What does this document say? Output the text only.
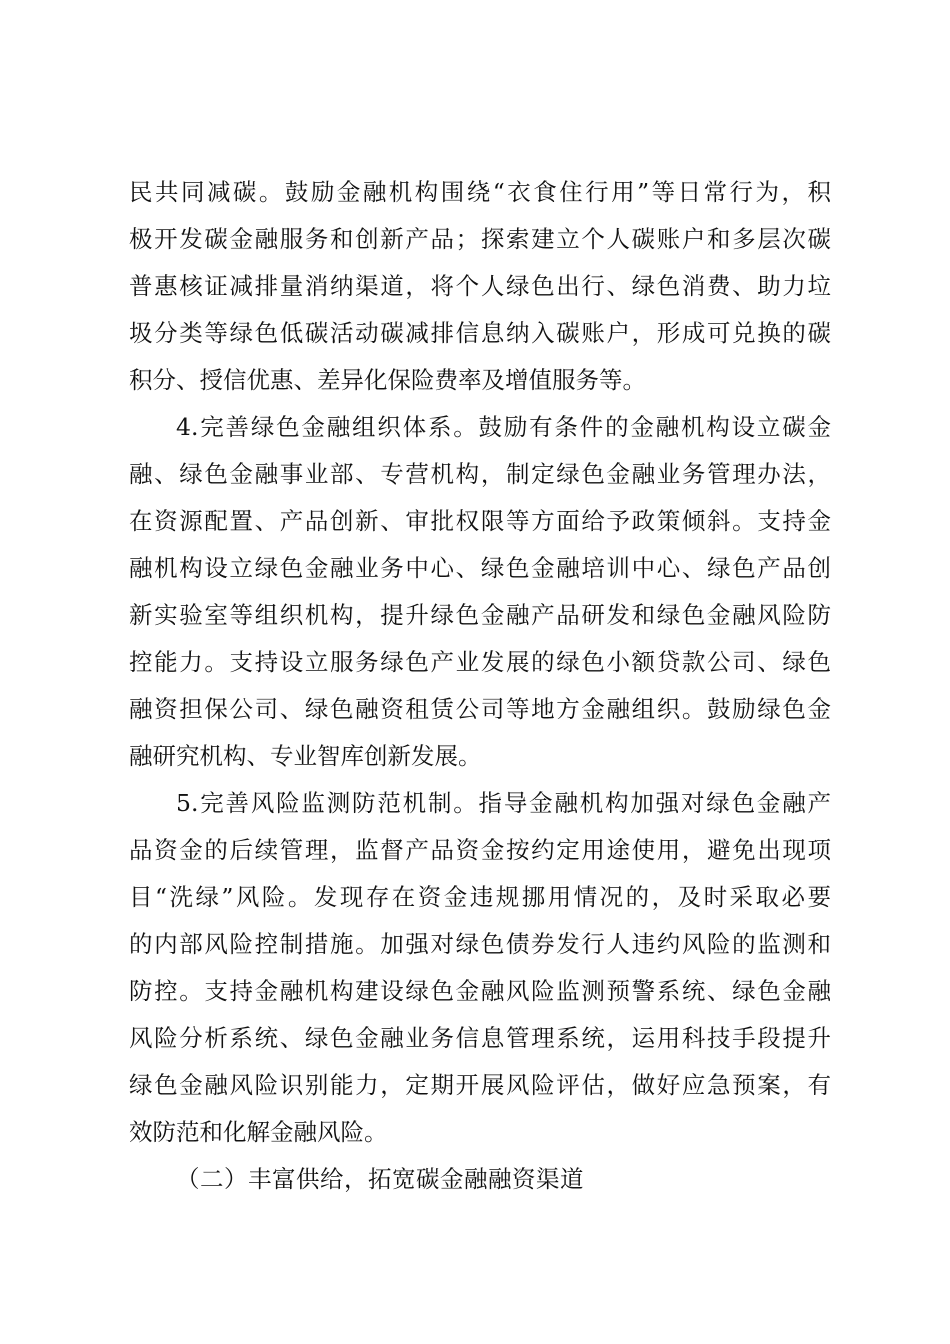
民共同减碳。鼓励金融机构围绕“衣食住行用”等日常行为，积
极开发碳金融服务和创新产品；探索建立个人碳账户和多层次碳
普惠核证减排量消纳渠道，将个人绿色出行、绿色消费、助力垃
圾分类等绿色低碳活动碳减排信息纳入碳账户，形成可兑换的碳
积分、授信优惠、差异化保险费率及增值服务等。
4.完善绿色金融组织体系。鼓励有条件的金融机构设立碳金
融、绿色金融事业部、专营机构，制定绿色金融业务管理办法，
在资源配置、产品创新、审批权限等方面给予政策倾斜。支持金
融机构设立绿色金融业务中心、绿色金融培训中心、绿色产品创
新实验室等组织机构，提升绿色金融产品研发和绿色金融风险防
控能力。支持设立服务绿色产业发展的绿色小额贷款公司、绿色
融资担保公司、绿色融资租赁公司等地方金融组织。鼓励绿色金
融研究机构、专业智库创新发展。
5.完善风险监测防范机制。指导金融机构加强对绿色金融产
品资金的后续管理，监督产品资金按约定用途使用，避免出现项
目“洗绿”风险。发现存在资金违规挪用情况的，及时采取必要
的内部风险控制措施。加强对绿色债券发行人违约风险的监测和
防控。支持金融机构建设绿色金融风险监测预警系统、绿色金融
风险分析系统、绿色金融业务信息管理系统，运用科技手段提升
绿色金融风险识别能力，定期开展风险评估，做好应急预案，有
效防范和化解金融风险。
（二）丰富供给，拓宽碳金融融资渠道
